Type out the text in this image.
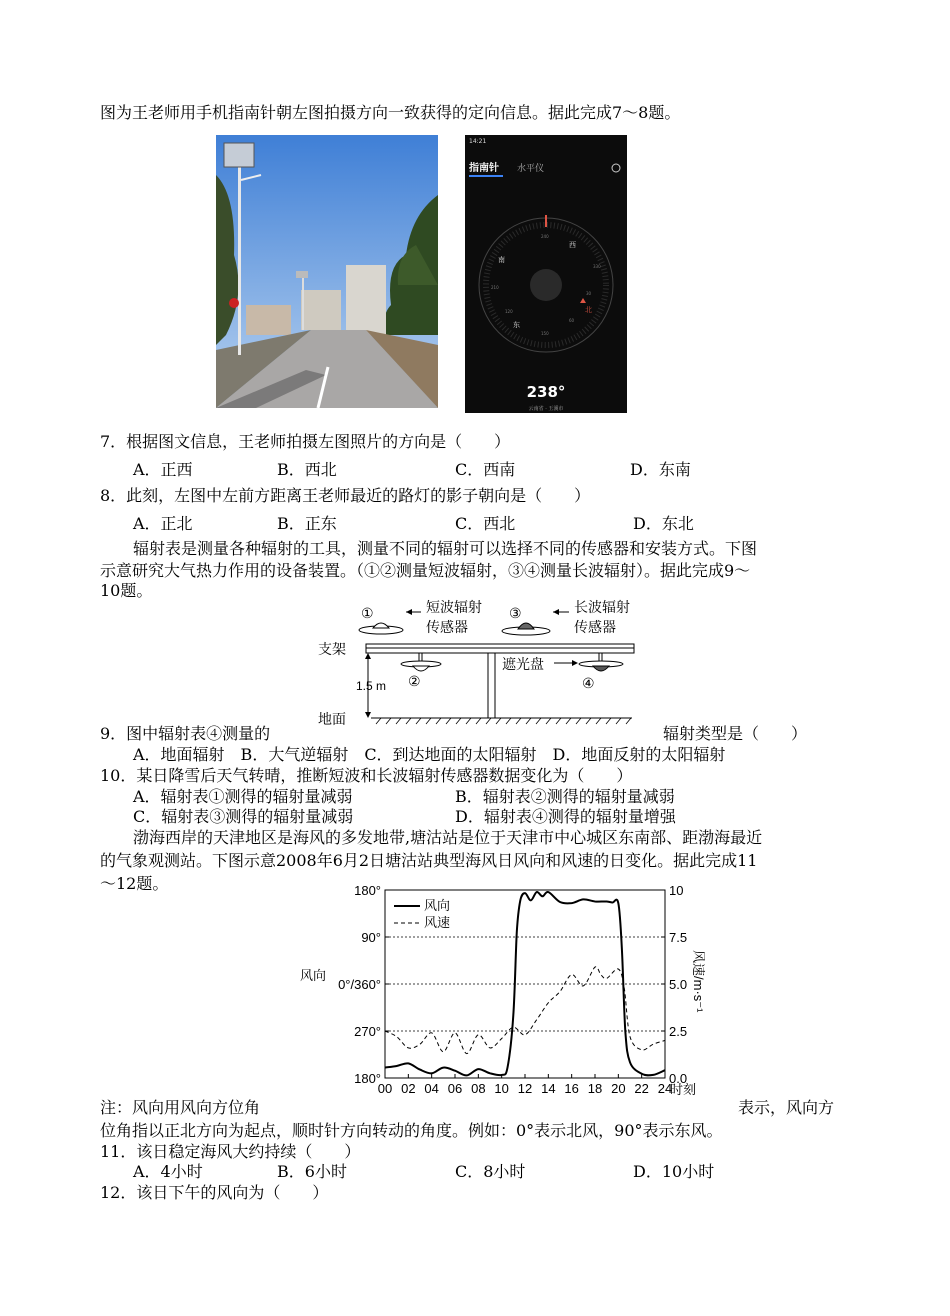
图为王老师用手机指南针朝左图拍摄方向一致获得的定向信息。据此完成7～8题。
14:21
指南针 水平仪
西
南
东
北
240
330
210
30
120
60
150
238°
云南省 · 玉溪市
7．根据图文信息，王老师拍摄左图照片的方向是（　　）
A．正西	B．西北	C．西南	D．东南
8．此刻，左图中左前方距离王老师最近的路灯的影子朝向是（　　）
A．正北	B．正东	C．西北	D．东北
辐射表是测量各种辐射的工具，测量不同的辐射可以选择不同的传感器和安装方式。下图
示意研究大气热力作用的设备装置。（①②测量短波辐射，③④测量长波辐射）。据此完成9～
10题。
①	短波辐射
传感器
③	长波辐射
传感器
支架
②
遮光盘
④
1.5 m
地面
9．图中辐射表④测量的	辐射类型是（　　）
A．地面辐射　B．大气逆辐射　C．到达地面的太阳辐射　D．地面反射的太阳辐射
10．某日降雪后天气转晴，推断短波和长波辐射传感器数据变化为（　　）
A．辐射表①测得的辐射量减弱	B．辐射表②测得的辐射量减弱
C．辐射表③测得的辐射量减弱	D．辐射表④测得的辐射量增强
渤海西岸的天津地区是海风的多发地带,塘沽站是位于天津市中心城区东南部、距渤海最近
的气象观测站。下图示意2008年6月2日塘沽站典型海风日风向和风速的日变化。据此完成11
～12题。	180°
90°
0°/360°
270°
180°
10
7.5
5.0
2.5
0.0
00 02 04 06 08 10 12 14 16 18 20 22 24
风向
风速
风向	风速/m·s⁻¹
时刻
注：风向用风向方位角	表示，风向方
位角指以正北方向为起点，顺时针方向转动的角度。例如：0°表示北风，90°表示东风。
11．该日稳定海风大约持续（　　）
A．4小时	B．6小时	C．8小时	D．10小时
12．该日下午的风向为（　　）
